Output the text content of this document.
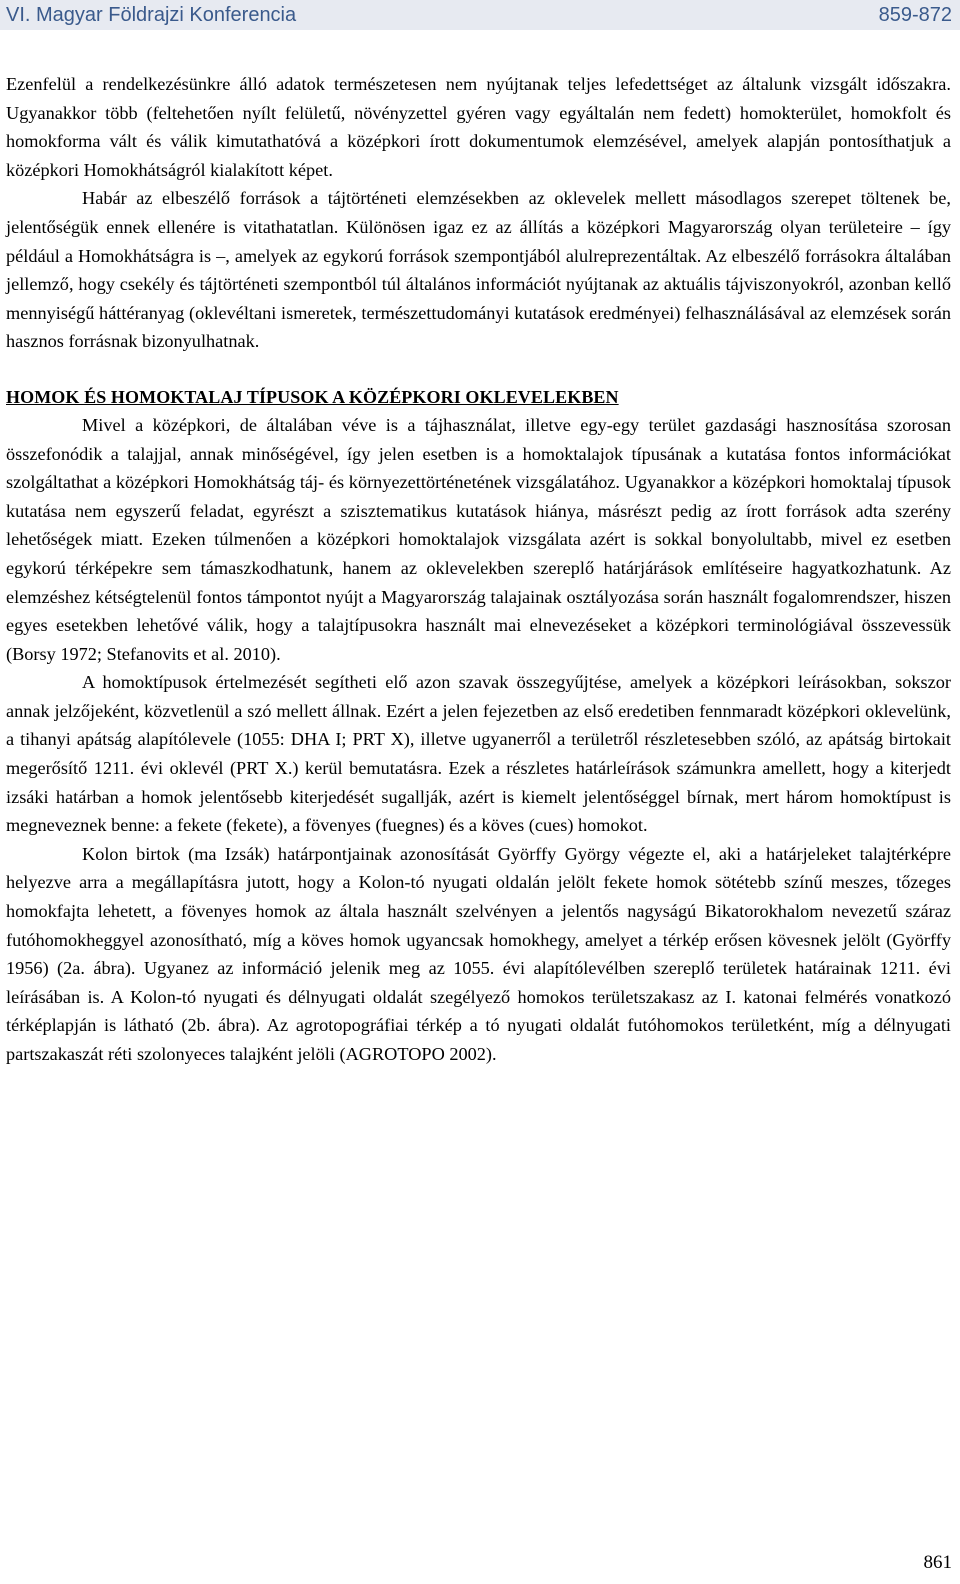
VI. Magyar Földrajzi Konferencia	859-872

Ezenfelül a rendelkezésünkre álló adatok természetesen nem nyújtanak teljes lefedettséget az általunk vizsgált időszakra. Ugyanakkor több (feltehetően nyílt felületű, növényzettel gyéren vagy egyáltalán nem fedett) homokterület, homokfolt és homokforma vált és válik kimutathatóvá a középkori írott dokumentumok elemzésével, amelyek alapján pontosíthatjuk a középkori Homokhátságról kialakított képet.

Habár az elbeszélő források a tájtörténeti elemzésekben az oklevelek mellett másodlagos szerepet töltenek be, jelentőségük ennek ellenére is vitathatatlan. Különösen igaz ez az állítás a középkori Magyarország olyan területeire – így például a Homokhátságra is –, amelyek az egykorú források szempontjából alulreprezentáltak. Az elbeszélő forrásokra általában jellemző, hogy csekély és tájtörténeti szempontból túl általános információt nyújtanak az aktuális tájviszonyokról, azonban kellő mennyiségű háttéranyag (oklevéltani ismeretek, természettudományi kutatások eredményei) felhasználásával az elemzések során hasznos forrásnak bizonyulhatnak.

HOMOK ÉS HOMOKTALAJ TÍPUSOK A KÖZÉPKORI OKLEVELEKBEN

Mivel a középkori, de általában véve is a tájhasználat, illetve egy-egy terület gazdasági hasznosítása szorosan összefonódik a talajjal, annak minőségével, így jelen esetben is a homoktalajok típusának a kutatása fontos információkat szolgáltathat a középkori Homokhátság táj- és környezettörténetének vizsgálatához. Ugyanakkor a középkori homoktalaj típusok kutatása nem egyszerű feladat, egyrészt a szisztematikus kutatások hiánya, másrészt pedig az írott források adta szerény lehetőségek miatt. Ezeken túlmenően a középkori homoktalajok vizsgálata azért is sokkal bonyolultabb, mivel ez esetben egykorú térképekre sem támaszkodhatunk, hanem az oklevelekben szereplő határjárások említéseire hagyatkozhatunk. Az elemzéshez kétségtelenül fontos támpontot nyújt a Magyarország talajainak osztályozása során használt fogalomrendszer, hiszen egyes esetekben lehetővé válik, hogy a talajtípusokra használt mai elnevezéseket a középkori terminológiával összevessük (Borsy 1972; Stefanovits et al. 2010).

A homoktípusok értelmezését segítheti elő azon szavak összegyűjtése, amelyek a középkori leírásokban, sokszor annak jelzőjeként, közvetlenül a szó mellett állnak. Ezért a jelen fejezetben az első eredetiben fennmaradt középkori oklevelünk, a tihanyi apátság alapítólevele (1055: DHA I; PRT X), illetve ugyanerről a területről részletesebben szóló, az apátság birtokait megerősítő 1211. évi oklevél (PRT X.) kerül bemutatásra. Ezek a részletes határleírások számunkra amellett, hogy a kiterjedt izsáki határban a homok jelentősebb kiterjedését sugallják, azért is kiemelt jelentőséggel bírnak, mert három homoktípust is megneveznek benne: a fekete (fekete), a fövenyes (fuegnes) és a köves (cues) homokot.

Kolon birtok (ma Izsák) határpontjainak azonosítását Györffy György végezte el, aki a határjeleket talajtérképre helyezve arra a megállapításra jutott, hogy a Kolon-tó nyugati oldalán jelölt fekete homok sötétebb színű meszes, tőzeges homokfajta lehetett, a fövenyes homok az általa használt szelvényen a jelentős nagyságú Bikatorokhalom nevezetű száraz futóhomokheggyel azonosítható, míg a köves homok ugyancsak homokhegy, amelyet a térkép erősen kövesnek jelölt (Györffy 1956) (2a. ábra). Ugyanez az információ jelenik meg az 1055. évi alapítólevélben szereplő területek határainak 1211. évi leírásában is. A Kolon-tó nyugati és délnyugati oldalát szegélyező homokos területszakasz az I. katonai felmérés vonatkozó térképlapján is látható (2b. ábra). Az agrotopográfiai térkép a tó nyugati oldalát futóhomokos területként, míg a délnyugati partszakaszát réti szolonyeces talajként jelöli (AGROTOPO 2002).

861
